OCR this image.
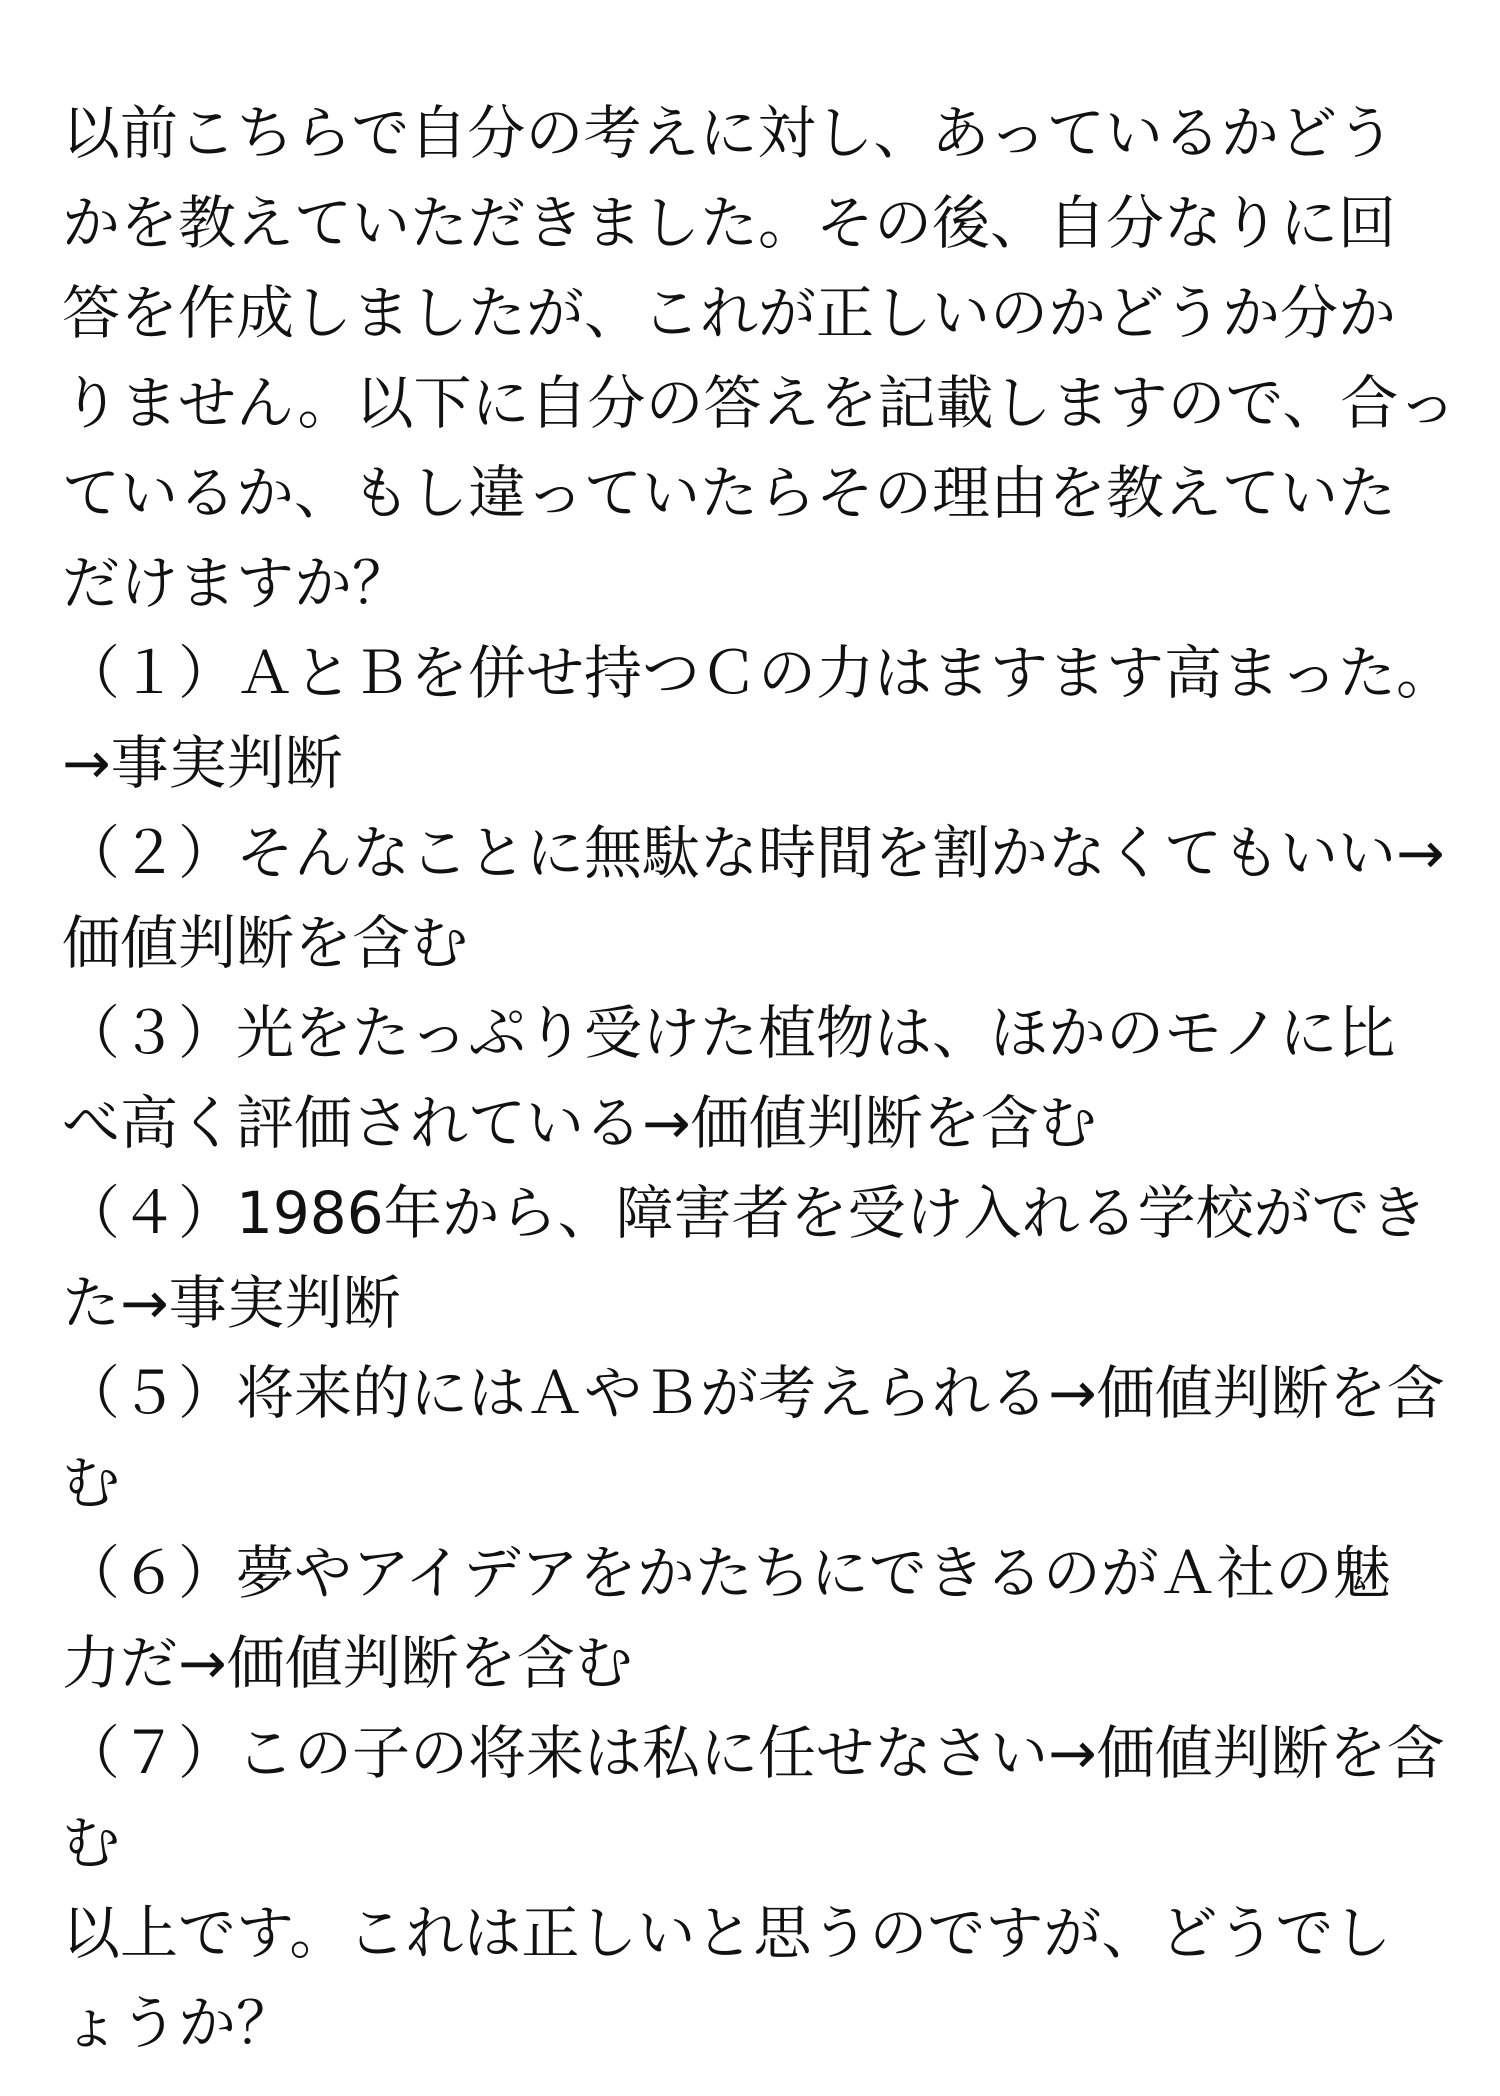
以前こちらで自分の考えに対し、あっているかどう
かを教えていただきました。その後、自分なりに回
答を作成しましたが、これが正しいのかどうか分か
りません。以下に自分の答えを記載しますので、合っ
ているか、もし違っていたらその理由を教えていた
だけますか？
（１）ＡとＢを併せ持つＣの力はますます高まった。
→事実判断
（２）そんなことに無駄な時間を割かなくてもいい→
価値判断を含む
（３）光をたっぷり受けた植物は、ほかのモノに比
べ高く評価されている→価値判断を含む
（４）1986年から、障害者を受け入れる学校ができ
た→事実判断
（５）将来的にはＡやＢが考えられる→価値判断を含
む
（６）夢やアイデアをかたちにできるのがＡ社の魅
力だ→価値判断を含む
（７）この子の将来は私に任せなさい→価値判断を含
む
以上です。これは正しいと思うのですが、どうでし
ょうか？
